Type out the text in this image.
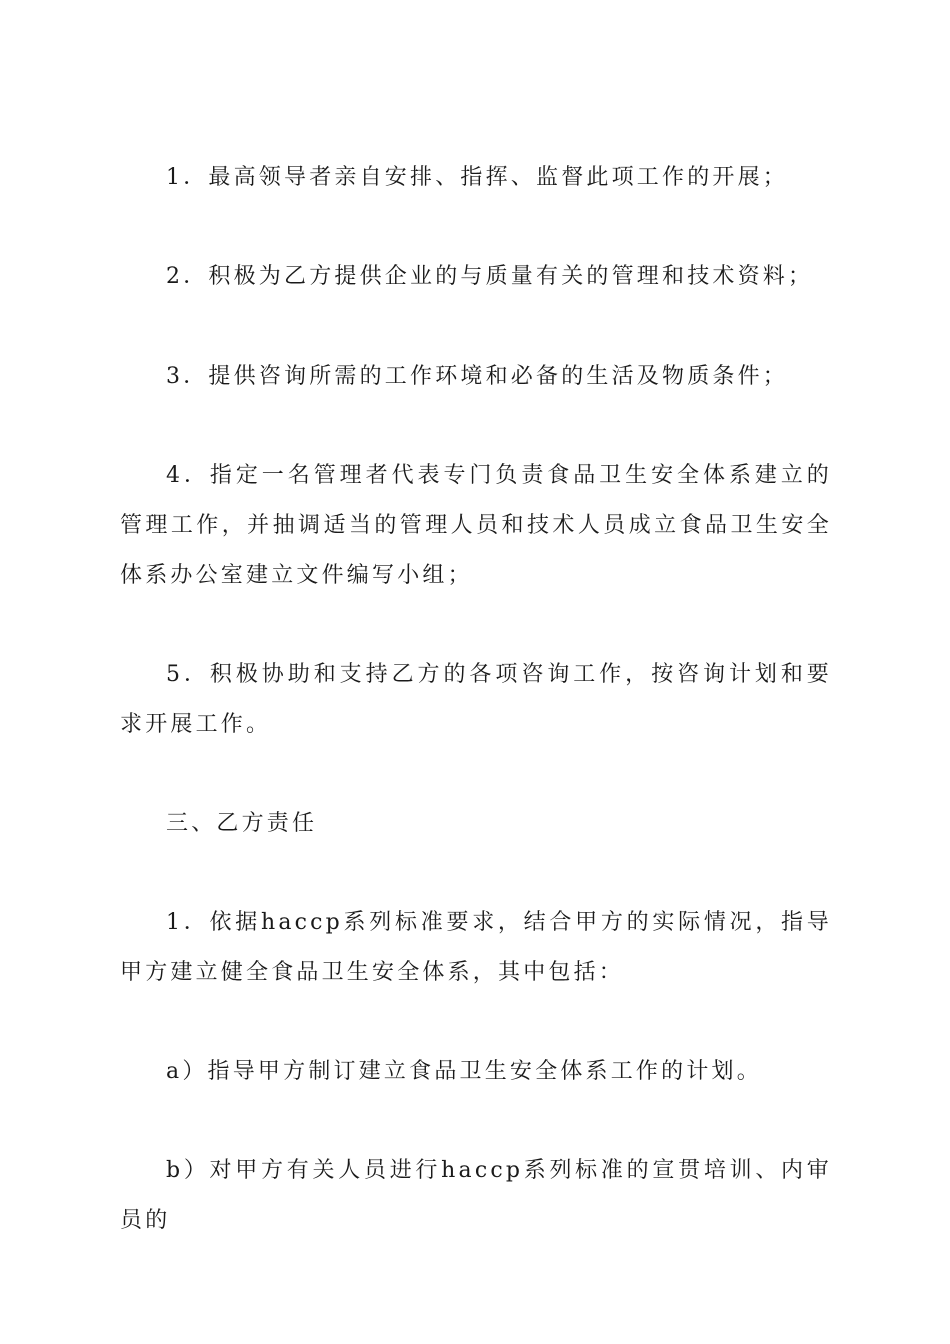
1．最高领导者亲自安排、指挥、监督此项工作的开展；

2．积极为乙方提供企业的与质量有关的管理和技术资料；

3．提供咨询所需的工作环境和必备的生活及物质条件；

4．指定一名管理者代表专门负责食品卫生安全体系建立的管理工作，并抽调适当的管理人员和技术人员成立食品卫生安全体系办公室建立文件编写小组；

5．积极协助和支持乙方的各项咨询工作，按咨询计划和要求开展工作。

三、乙方责任

1．依据haccp系列标准要求，结合甲方的实际情况，指导甲方建立健全食品卫生安全体系，其中包括：

a）指导甲方制订建立食品卫生安全体系工作的计划。

b）对甲方有关人员进行haccp系列标准的宣贯培训、内审员的
